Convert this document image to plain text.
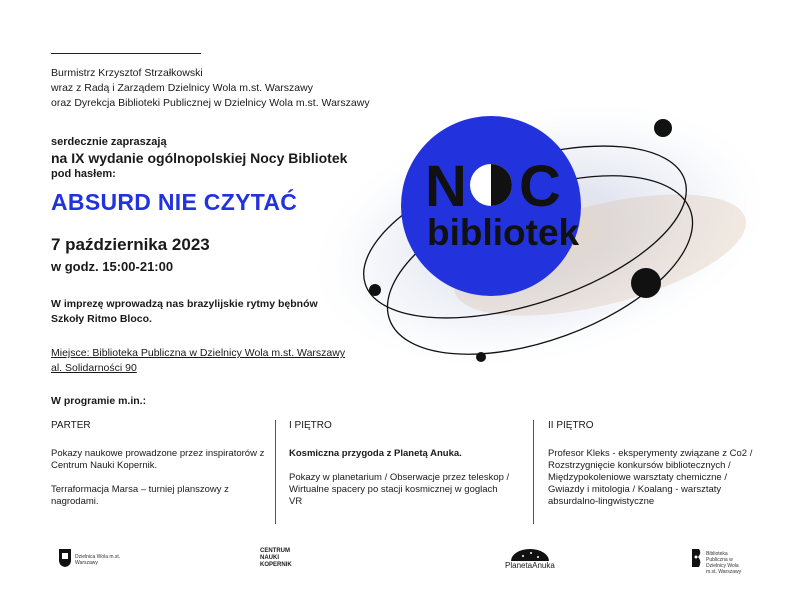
N C
bibliotek
Burmistrz Krzysztof Strzałkowski
wraz z Radą i Zarządem Dzielnicy Wola m.st. Warszawy
oraz Dyrekcja Biblioteki Publicznej w Dzielnicy Wola m.st. Warszawy
serdecznie zapraszają
na IX wydanie ogólnopolskiej Nocy Bibliotek
pod hasłem:
ABSURD NIE CZYTAĆ
7 października 2023
w godz. 15:00-21:00
W imprezę wprowadzą nas brazylijskie rytmy bębnów
Szkoły Ritmo Bloco.
Miejsce: Biblioteka Publiczna w Dzielnicy Wola m.st. Warszawy
al. Solidarności 90
W programie m.in.:
PARTER

Pokazy naukowe prowadzone przez inspiratorów z Centrum Nauki Kopernik.

Terraformacja Marsa – turniej planszowy z nagrodami.

I PIĘTRO

Kosmiczna przygoda z Planetą Anuka.

Pokazy w planetarium / Obserwacje przez teleskop / Wirtualne spacery po stacji kosmicznej w goglach VR

II PIĘTRO

Profesor Kleks - eksperymenty związane z Co2 / Rozstrzygnięcie konkursów bibliotecznych / Międzypokoleniowe warsztaty chemiczne / Gwiazdy i mitologia / Koalang - warsztaty absurdalno-lingwistyczne

Dzielnica Wola m.st. Warszawy
CENTRUM
NAUKI
KOPERNIK	PlanetaAnuka
Biblioteka Publiczna w Dzielnicy Wola m.st. Warszawy
